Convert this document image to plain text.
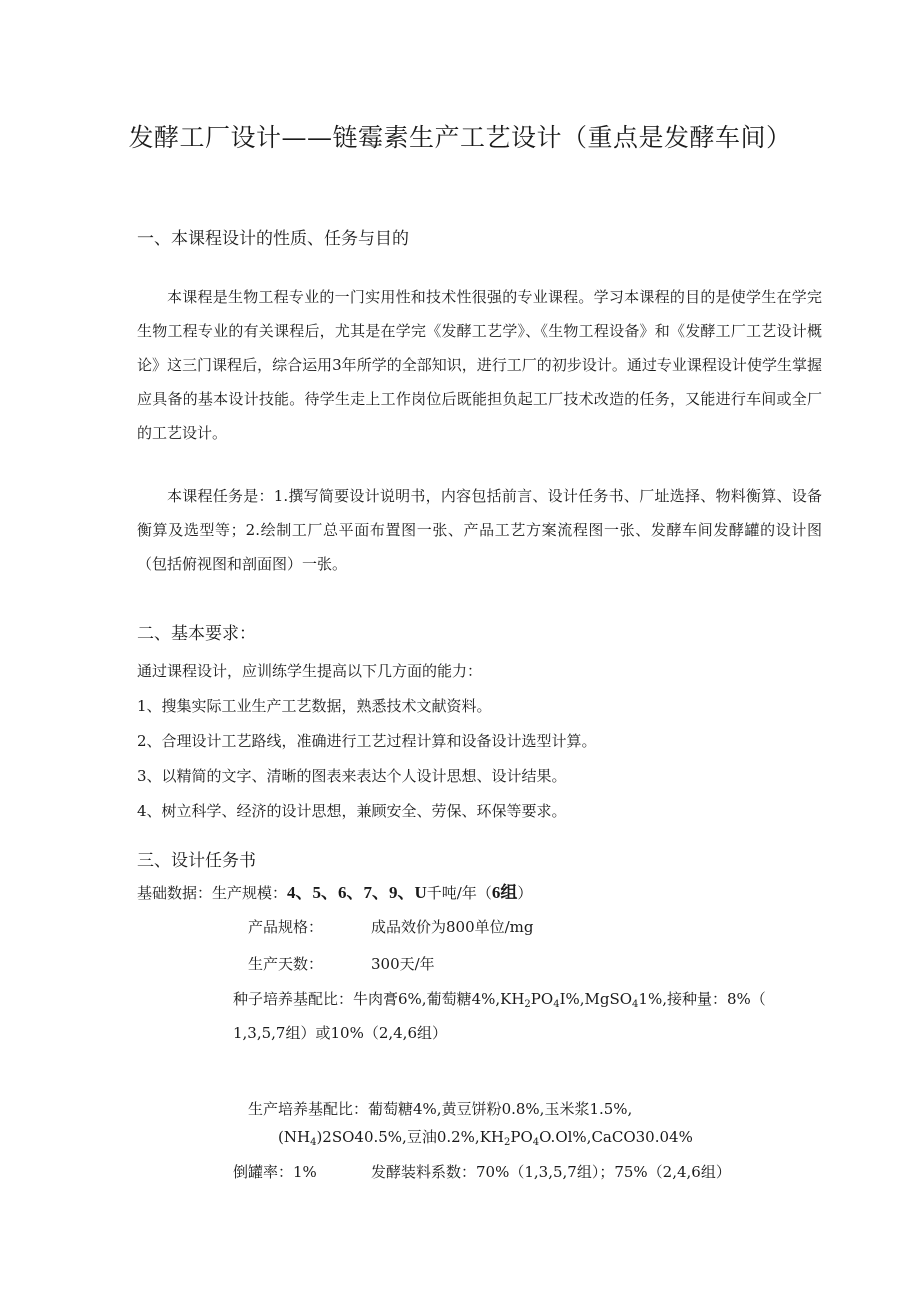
发酵工厂设计——链霉素生产工艺设计（重点是发酵车间）
一、本课程设计的性质、任务与目的
本课程是生物工程专业的一门实用性和技术性很强的专业课程。学习本课程的目的是使学生在学完生物工程专业的有关课程后，尤其是在学完《发酵工艺学》、《生物工程设备》和《发酵工厂工艺设计概论》这三门课程后，综合运用3年所学的全部知识，进行工厂的初步设计。通过专业课程设计使学生掌握应具备的基本设计技能。待学生走上工作岗位后既能担负起工厂技术改造的任务，又能进行车间或全厂的工艺设计。
本课程任务是：1.撰写简要设计说明书，内容包括前言、设计任务书、厂址选择、物料衡算、设备衡算及选型等；2.绘制工厂总平面布置图一张、产品工艺方案流程图一张、发酵车间发酵罐的设计图（包括俯视图和剖面图）一张。
二、基本要求：
通过课程设计，应训练学生提高以下几方面的能力：
1、搜集实际工业生产工艺数据，熟悉技术文献资料。
2、合理设计工艺路线，准确进行工艺过程计算和设备设计选型计算。
3、以精简的文字、清晰的图表来表达个人设计思想、设计结果。
4、树立科学、经济的设计思想，兼顾安全、劳保、环保等要求。
三、设计任务书
基础数据：生产规模：4、5、6、7、9、U千吨/年（6组）
产品规格：	成品效价为800单位/mg
生产天数：	300天/年
种子培养基配比：牛肉膏6%,葡萄糖$4\%,KH_2PO_4I\%,MgSO_41\%$,接种量：8%（
1,3,5,7组）或10%（2,4,6组）
生产培养基配比：葡萄糖4%,黄豆饼粉0.8%,玉米浆1.5%,
$(NH_4)2SO40.5\%$,豆油$0.2\%,KH_2PO_4O.Ol\%,CaCO30.04\%$
倒罐率：1%	发酵装料系数：70%（1,3,5,7组）；75%（2,4,6组）
